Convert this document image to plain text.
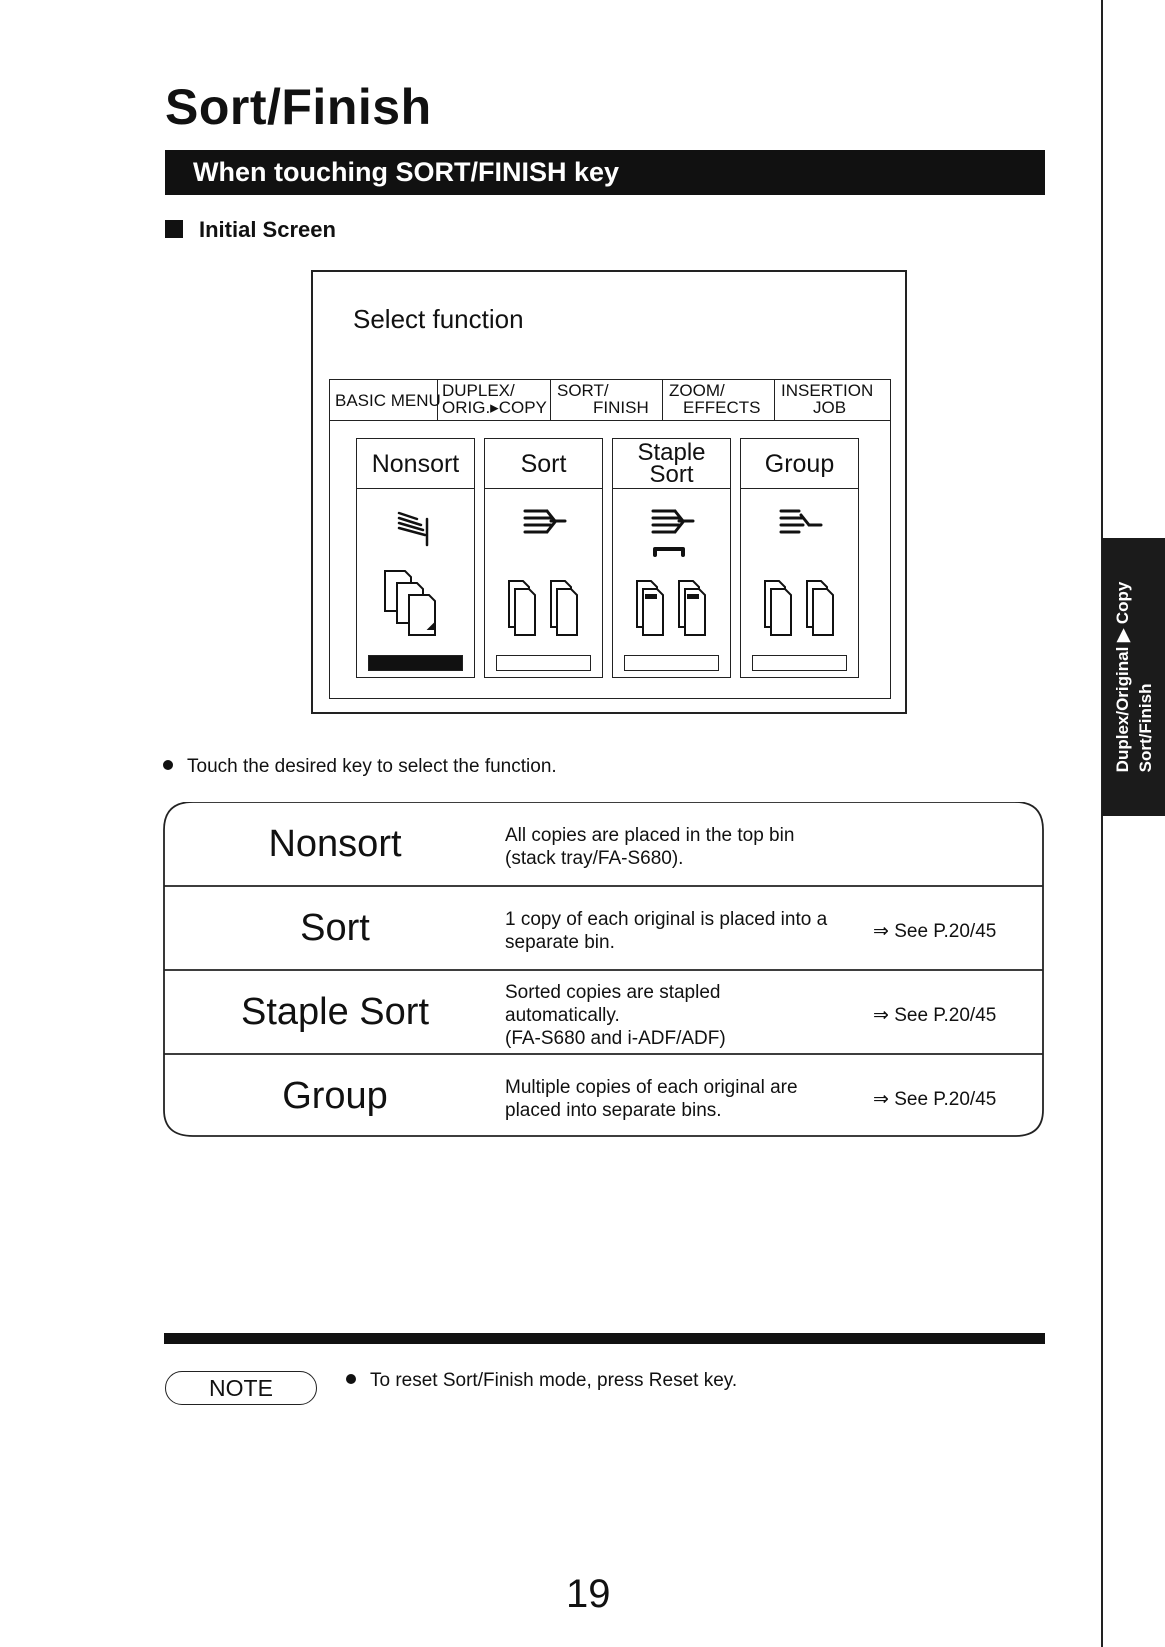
Duplex/Original ▶ Copy Sort/Finish
Sort/Finish
When touching SORT/FINISH key
Initial Screen
Select function
BASIC MENU
DUPLEX/
ORIG.▸COPY
SORT/
FINISH
ZOOM/
EFFECTS
INSERTION
JOB
Nonsort	Sort	Staple
Sort	Group
Touch the desired key to select the function.
Nonsort	All copies are placed in the top bin
(stack tray/FA-S680).
Sort	1 copy of each original is placed into a
separate bin.
⇒ See P.20/45
Staple Sort	Sorted copies are stapled
automatically.
(FA-S680 and i-ADF/ADF)
⇒ See P.20/45
Group	Multiple copies of each original are
placed into separate bins.
⇒ See P.20/45
NOTE	To reset Sort/Finish mode, press Reset key.
19
